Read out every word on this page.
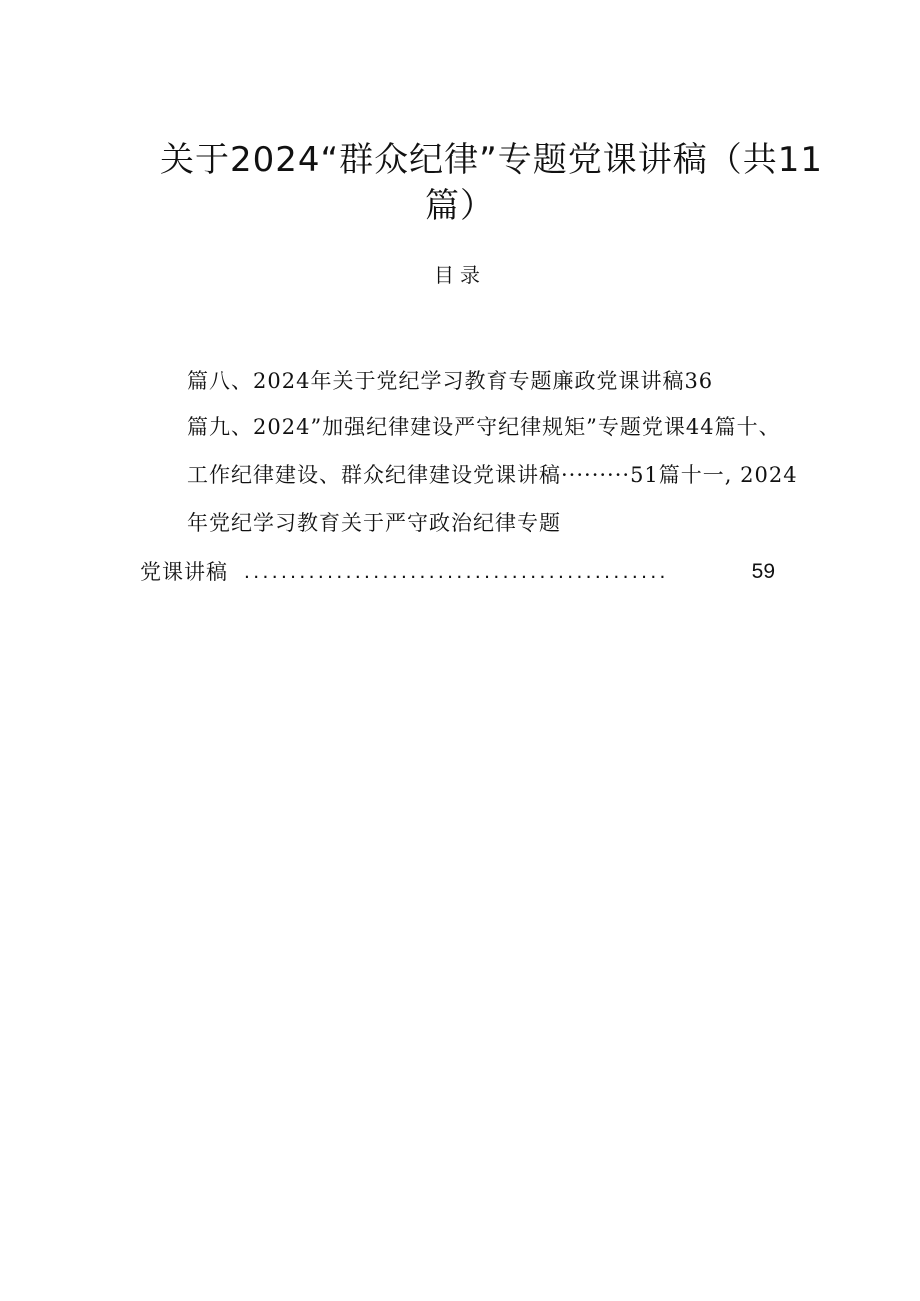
关于2024“群众纪律”专题党课讲稿（共11
篇）
目录
篇八、2024年关于党纪学习教育专题廉政党课讲稿36
篇九、2024”加强纪律建设严守纪律规矩”专题党课44篇十、
工作纪律建设、群众纪律建设党课讲稿·········51篇十一, 2024
年党纪学习教育关于严守政治纪律专题
党课讲稿 ..............................................	59
